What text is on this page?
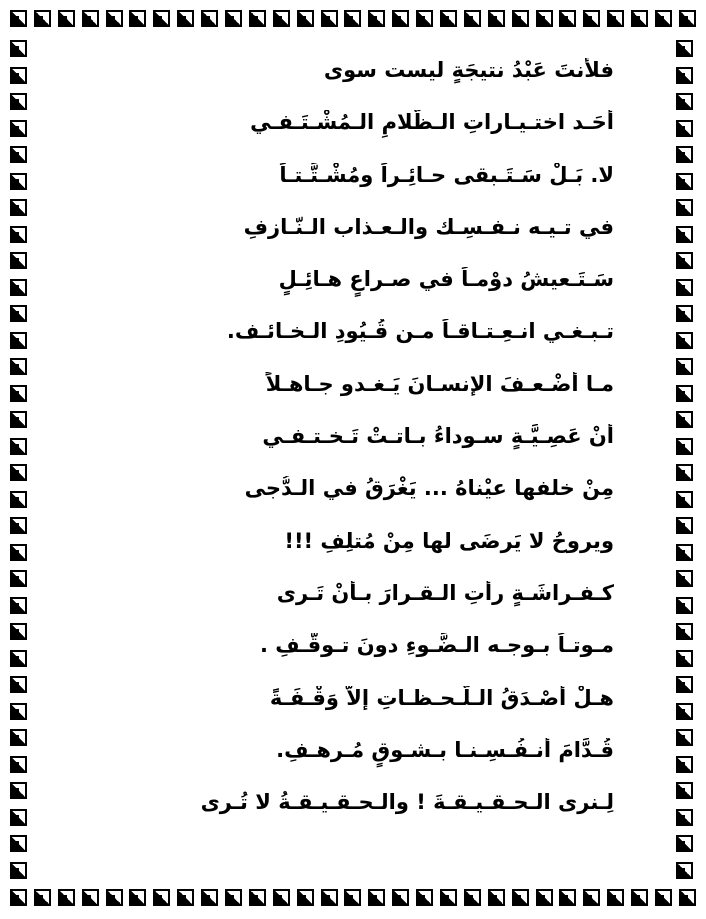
فلأنتَ عَبْدُ نتيجَةٍ ليست سوى
أَحَـد اختـيـاراتِ الـظّلامِ الـمُشْـتَـفـي
لا. بَـلْ سَـتَـبقى حـائِـراً ومُشْـتَّـتـاً
في تـيـه نـفـسِـك والـعـذاب الـنّـازفِ
سَـتَـعيشُ دوْمـاً في صـراعٍ هـائِـلٍ
تـبـغـي انـعِـتـاقـاً مـن قُـيُودِ الـخـائـف.
مـا أَضْـعـفَ الإنسـانَ يَـغـدو جـاهـلاً
أَنْ عَصِـيَّـةٍ سـوداءُ بـاتـتْ تَـخـتـفـي
مِنْ خلفها عيْناهُ ... يَغْرَقُ في الـدُّجى
ويروحُ لا يَرضَى لها مِنْ مُتلِفِ !!!
كـفـراشَـةٍ رأَتِ الـقـرارَ بـأَنْ تَـرى
مـوتـاً بـوجـه الـضَّـوءِ دونَ تـوقُّـفِ .
هـلْ أَصْـدَقُ الـلَّـحـظـاتِ إلاَّ وَقْـفَـةً
قُـدَّامَ أَنـفُـسِـنـا بـشـوقٍ مُـرهـفِ.
لِـنرى الـحـقـيـقـةَ ! والـحـقـيـقـةُ لا تُـرى
